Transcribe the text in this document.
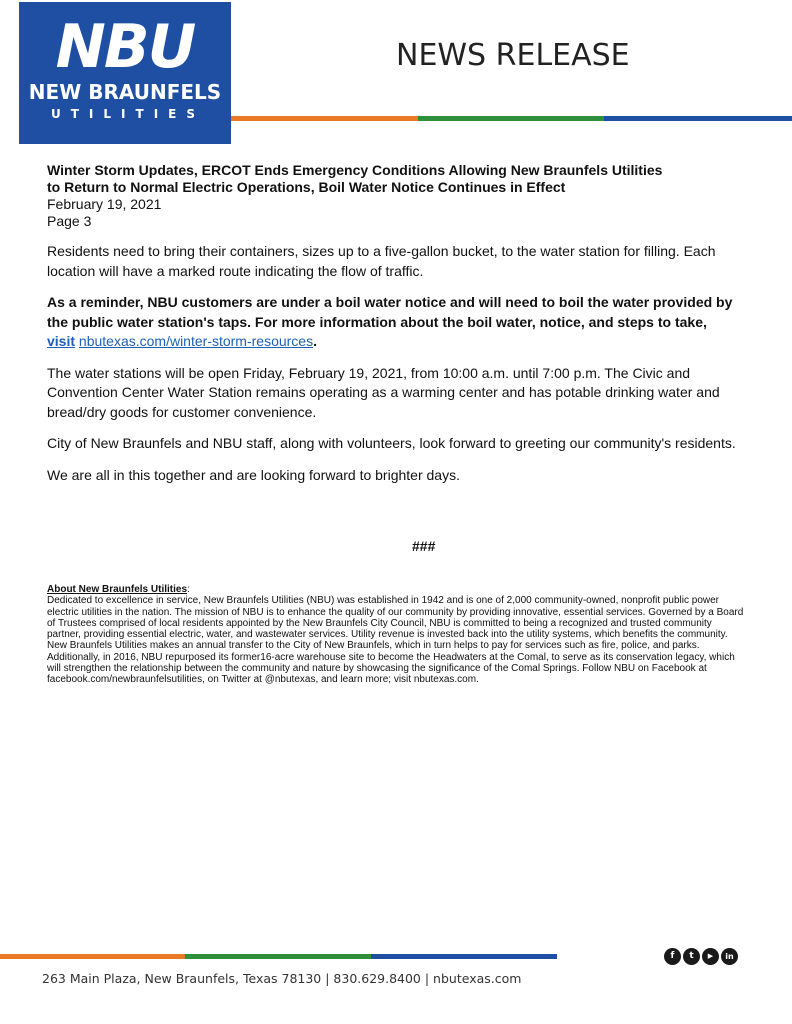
NBU
NEW BRAUNFELS
UTILITIES
NEWS RELEASE
Winter Storm Updates, ERCOT Ends Emergency Conditions Allowing New Braunfels Utilities
to Return to Normal Electric Operations, Boil Water Notice Continues in Effect
February 19, 2021
Page 3

Residents need to bring their containers, sizes up to a five-gallon bucket, to the water station for filling. Each location will have a marked route indicating the flow of traffic.

As a reminder, NBU customers are under a boil water notice and will need to boil the water provided by the public water station's taps. For more information about the boil water, notice, and steps to take,
visit nbutexas.com/winter-storm-resources.

The water stations will be open Friday, February 19, 2021, from 10:00 a.m. until 7:00 p.m. The Civic and Convention Center Water Station remains operating as a warming center and has potable drinking water and bread/dry goods for customer convenience.

City of New Braunfels and NBU staff, along with volunteers, look forward to greeting our community's residents.

We are all in this together and are looking forward to brighter days.

###
About New Braunfels Utilities:
Dedicated to excellence in service, New Braunfels Utilities (NBU) was established in 1942 and is one of 2,000 community-owned, nonprofit public power electric utilities in the nation. The mission of NBU is to enhance the quality of our community by providing innovative, essential services. Governed by a Board of Trustees comprised of local residents appointed by the New Braunfels City Council, NBU is committed to being a recognized and trusted community partner, providing essential electric, water, and wastewater services. Utility revenue is invested back into the utility systems, which benefits the community. New Braunfels Utilities makes an annual transfer to the City of New Braunfels, which in turn helps to pay for services such as fire, police, and parks. Additionally, in 2016, NBU repurposed its former16-acre warehouse site to become the Headwaters at the Comal, to serve as its conservation legacy, which will strengthen the relationship between the community and nature by showcasing the significance of the Comal Springs. Follow NBU on Facebook at facebook.com/newbraunfelsutilities, on Twitter at @nbutexas, and learn more; visit nbutexas.com.
f t ▶ in
263 Main Plaza, New Braunfels, Texas 78130 | 830.629.8400 | nbutexas.com
